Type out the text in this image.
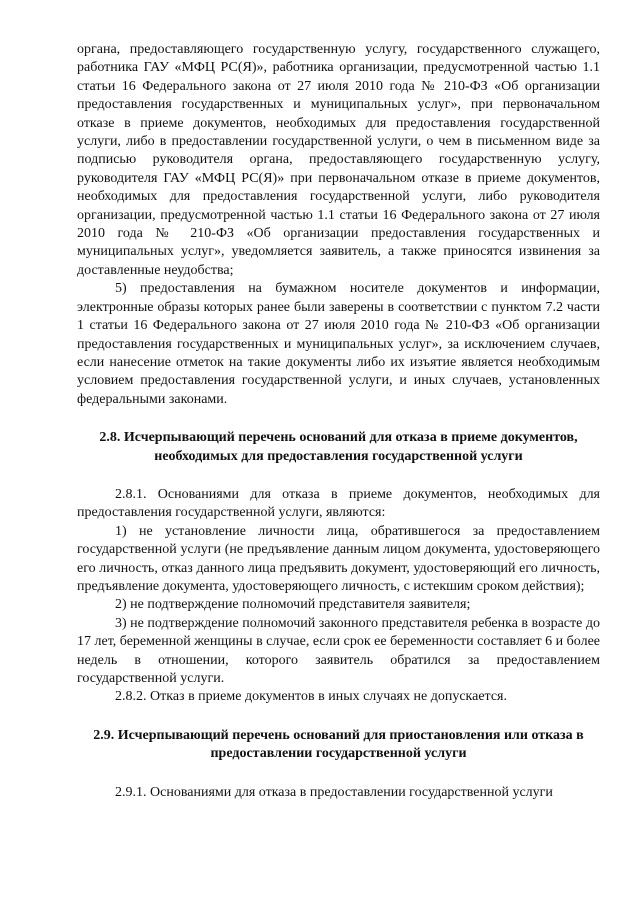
органа, предоставляющего государственную услугу, государственного служащего, работника ГАУ «МФЦ РС(Я)», работника организации, предусмотренной частью 1.1 статьи 16 Федерального закона от 27 июля 2010 года № 210-ФЗ «Об организации предоставления государственных и муниципальных услуг», при первоначальном отказе в приеме документов, необходимых для предоставления государственной услуги, либо в предоставлении государственной услуги, о чем в письменном виде за подписью руководителя органа, предоставляющего государственную услугу, руководителя ГАУ «МФЦ РС(Я)» при первоначальном отказе в приеме документов, необходимых для предоставления государственной услуги, либо руководителя организации, предусмотренной частью 1.1 статьи 16 Федерального закона от 27 июля 2010 года № 210-ФЗ «Об организации предоставления государственных и муниципальных услуг», уведомляется заявитель, а также приносятся извинения за доставленные неудобства;

5) предоставления на бумажном носителе документов и информации, электронные образы которых ранее были заверены в соответствии с пунктом 7.2 части 1 статьи 16 Федерального закона от 27 июля 2010 года № 210-ФЗ «Об организации предоставления государственных и муниципальных услуг», за исключением случаев, если нанесение отметок на такие документы либо их изъятие является необходимым условием предоставления государственной услуги, и иных случаев, установленных федеральными законами.

2.8. Исчерпывающий перечень оснований для отказа в приеме документов, необходимых для предоставления государственной услуги

2.8.1. Основаниями для отказа в приеме документов, необходимых для предоставления государственной услуги, являются:

1) не установление личности лица, обратившегося за предоставлением государственной услуги (не предъявление данным лицом документа, удостоверяющего его личность, отказ данного лица предъявить документ, удостоверяющий его личность, предъявление документа, удостоверяющего личность, с истекшим сроком действия);

2) не подтверждение полномочий представителя заявителя;

3) не подтверждение полномочий законного представителя ребенка в возрасте до 17 лет, беременной женщины в случае, если срок ее беременности составляет 6 и более недель в отношении, которого заявитель обратился за предоставлением государственной услуги.

2.8.2. Отказ в приеме документов в иных случаях не допускается.

2.9. Исчерпывающий перечень оснований для приостановления или отказа в предоставлении государственной услуги

2.9.1. Основаниями для отказа в предоставлении государственной услуги
